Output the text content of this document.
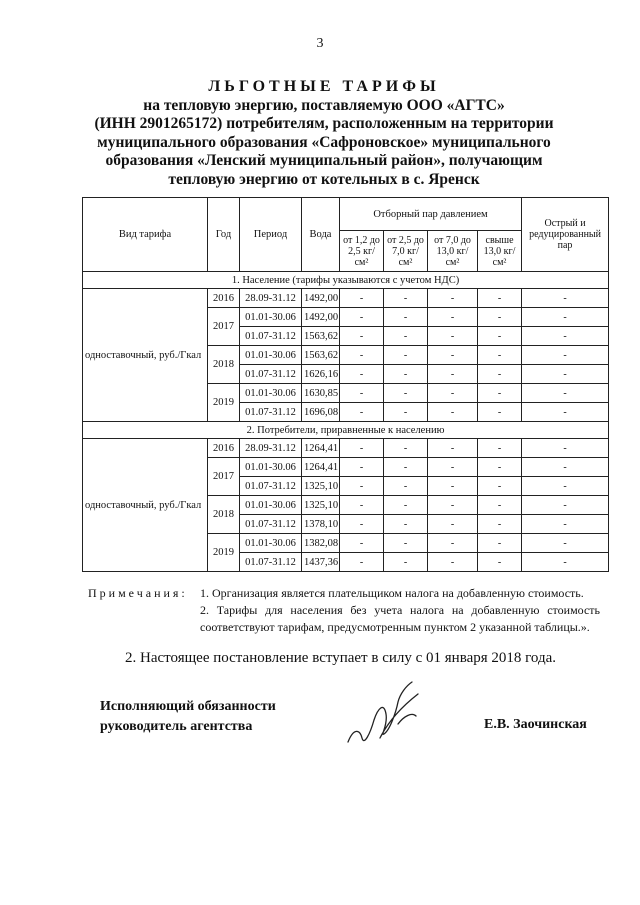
3
ЛЬГОТНЫЕ ТАРИФЫ
на тепловую энергию, поставляемую ООО «АГТС»
(ИНН 2901265172) потребителям, расположенным на территории
муниципального образования «Сафроновское» муниципального
образования «Ленский муниципальный район», получающим
тепловую энергию от котельных в с. Яренск
Вид тарифа	Год	Период	Вода	Отборный пар давлением				Острый и редуцированный пар
				от 1,2 до 2,5 кг/см²	от 2,5 до 7,0 кг/см²	от 7,0 до 13,0 кг/см²	свыше 13,0 кг/см²	
1. Население (тарифы указываются с учетом НДС)								
одноставочный, руб./Гкал	2016	28.09-31.12	1492,00	-	-	-	-	-
	2017	01.01-30.06	1492,00	-	-	-	-	-
		01.07-31.12	1563,62	-	-	-	-	-
	2018	01.01-30.06	1563,62	-	-	-	-	-
		01.07-31.12	1626,16	-	-	-	-	-
	2019	01.01-30.06	1630,85	-	-	-	-	-
		01.07-31.12	1696,08	-	-	-	-	-
2. Потребители, приравненные к населению								
одноставочный, руб./Гкал	2016	28.09-31.12	1264,41	-	-	-	-	-
	2017	01.01-30.06	1264,41	-	-	-	-	-
		01.07-31.12	1325,10	-	-	-	-	-
	2018	01.01-30.06	1325,10	-	-	-	-	-
		01.07-31.12	1378,10	-	-	-	-	-
	2019	01.01-30.06	1382,08	-	-	-	-	-
		01.07-31.12	1437,36	-	-	-	-	-
Примечания: 1. Организация является плательщиком налога на добавленную стоимость.
2. Тарифы для населения без учета налога на добавленную стоимость соответствуют тарифам, предусмотренным пунктом 2 указанной таблицы.».
2. Настоящее постановление вступает в силу с 01 января 2018 года.
Исполняющий обязанности
руководитель агентства	Е.В. Заочинская
